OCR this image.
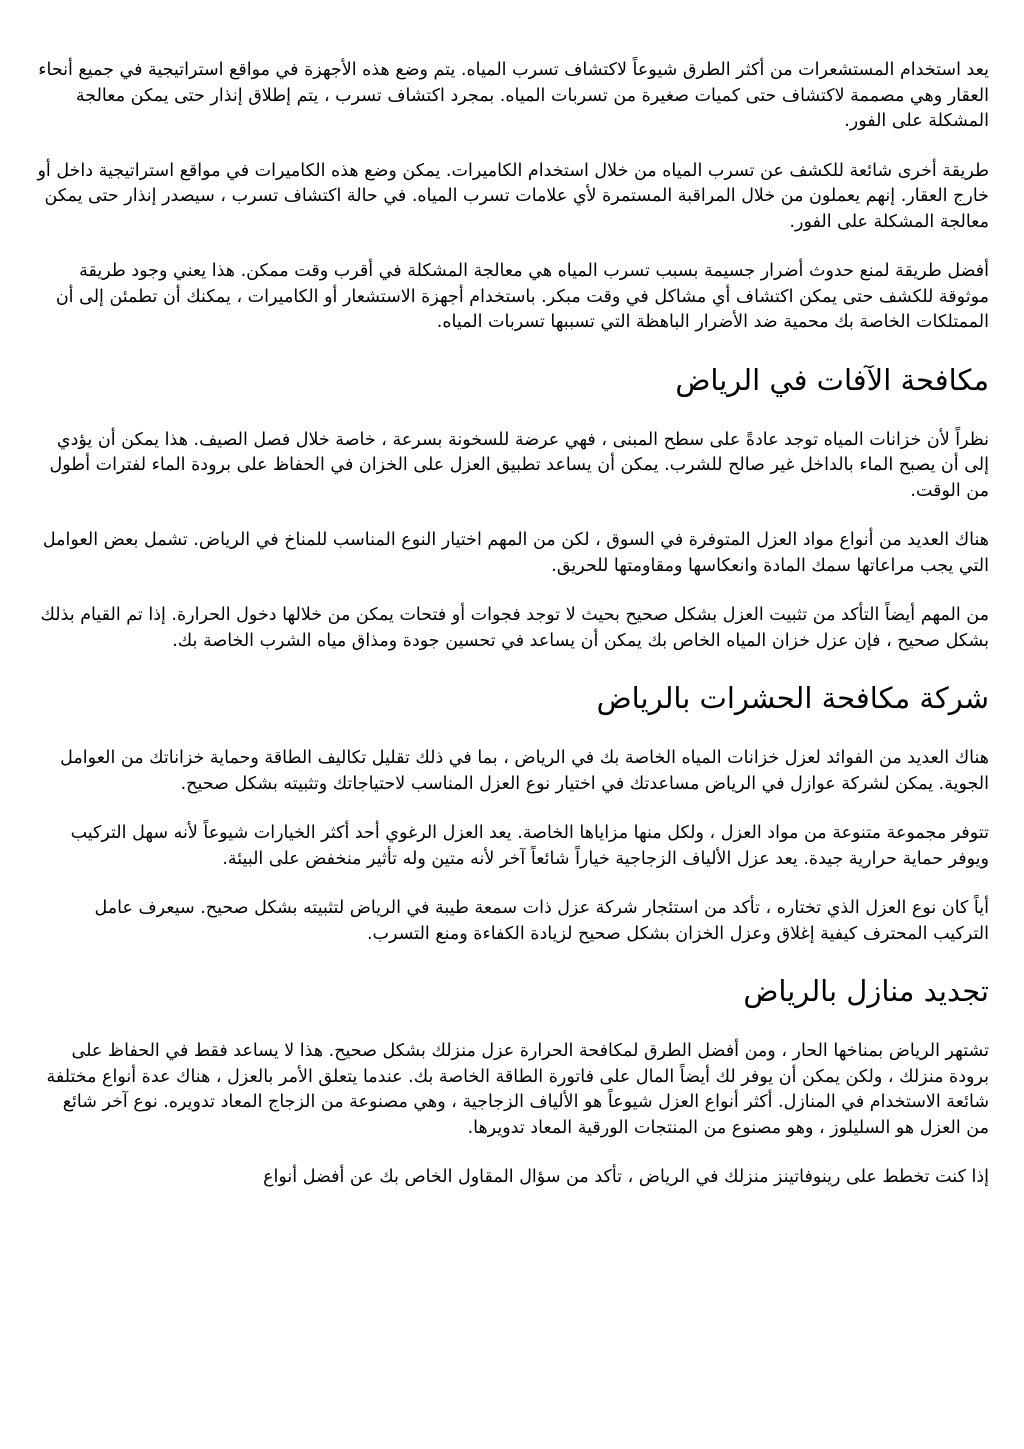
يعد استخدام المستشعرات من أكثر الطرق شيوعاً لاكتشاف تسرب المياه. يتم وضع هذه الأجهزة في مواقع استراتيجية في جميع أنحاء العقار وهي مصممة لاكتشاف حتى كميات صغيرة من تسربات المياه. بمجرد اكتشاف تسرب ، يتم إطلاق إنذار حتى يمكن معالجة المشكلة على الفور.

طريقة أخرى شائعة للكشف عن تسرب المياه من خلال استخدام الكاميرات. يمكن وضع هذه الكاميرات في مواقع استراتيجية داخل أو خارج العقار. إنهم يعملون من خلال المراقبة المستمرة لأي علامات تسرب المياه. في حالة اكتشاف تسرب ، سيصدر إنذار حتى يمكن معالجة المشكلة على الفور.

أفضل طريقة لمنع حدوث أضرار جسيمة بسبب تسرب المياه هي معالجة المشكلة في أقرب وقت ممكن. هذا يعني وجود طريقة موثوقة للكشف حتى يمكن اكتشاف أي مشاكل في وقت مبكر. باستخدام أجهزة الاستشعار أو الكاميرات ، يمكنك أن تطمئن إلى أن الممتلكات الخاصة بك محمية ضد الأضرار الباهظة التي تسببها تسربات المياه.

مكافحة الآفات في الرياض

نظراً لأن خزانات المياه توجد عادةً على سطح المبنى ، فهي عرضة للسخونة بسرعة ، خاصة خلال فصل الصيف. هذا يمكن أن يؤدي إلى أن يصبح الماء بالداخل غير صالح للشرب. يمكن أن يساعد تطبيق العزل على الخزان في الحفاظ على برودة الماء لفترات أطول من الوقت.

هناك العديد من أنواع مواد العزل المتوفرة في السوق ، لكن من المهم اختيار النوع المناسب للمناخ في الرياض. تشمل بعض العوامل التي يجب مراعاتها سمك المادة وانعكاسها ومقاومتها للحريق.

من المهم أيضاً التأكد من تثبيت العزل بشكل صحيح بحيث لا توجد فجوات أو فتحات يمكن من خلالها دخول الحرارة. إذا تم القيام بذلك بشكل صحيح ، فإن عزل خزان المياه الخاص بك يمكن أن يساعد في تحسين جودة ومذاق مياه الشرب الخاصة بك.

شركة مكافحة الحشرات بالرياض

هناك العديد من الفوائد لعزل خزانات المياه الخاصة بك في الرياض ، بما في ذلك تقليل تكاليف الطاقة وحماية خزاناتك من العوامل الجوية. يمكن لشركة عوازل في الرياض مساعدتك في اختيار نوع العزل المناسب لاحتياجاتك وتثبيته بشكل صحيح.

تتوفر مجموعة متنوعة من مواد العزل ، ولكل منها مزاياها الخاصة. يعد العزل الرغوي أحد أكثر الخيارات شيوعاً لأنه سهل التركيب ويوفر حماية حرارية جيدة. يعد عزل الألياف الزجاجية خياراً شائعاً آخر لأنه متين وله تأثير منخفض على البيئة.

أياً كان نوع العزل الذي تختاره ، تأكد من استئجار شركة عزل ذات سمعة طيبة في الرياض لتثبيته بشكل صحيح. سيعرف عامل التركيب المحترف كيفية إغلاق وعزل الخزان بشكل صحيح لزيادة الكفاءة ومنع التسرب.

تجديد منازل بالرياض

تشتهر الرياض بمناخها الحار ، ومن أفضل الطرق لمكافحة الحرارة عزل منزلك بشكل صحيح. هذا لا يساعد فقط في الحفاظ على برودة منزلك ، ولكن يمكن أن يوفر لك أيضاً المال على فاتورة الطاقة الخاصة بك. عندما يتعلق الأمر بالعزل ، هناك عدة أنواع مختلفة شائعة الاستخدام في المنازل. أكثر أنواع العزل شيوعاً هو الألياف الزجاجية ، وهي مصنوعة من الزجاج المعاد تدويره. نوع آخر شائع من العزل هو السليلوز ، وهو مصنوع من المنتجات الورقية المعاد تدويرها.

إذا كنت تخطط على رينوفاتينز منزلك في الرياض ، تأكد من سؤال المقاول الخاص بك عن أفضل أنواع
